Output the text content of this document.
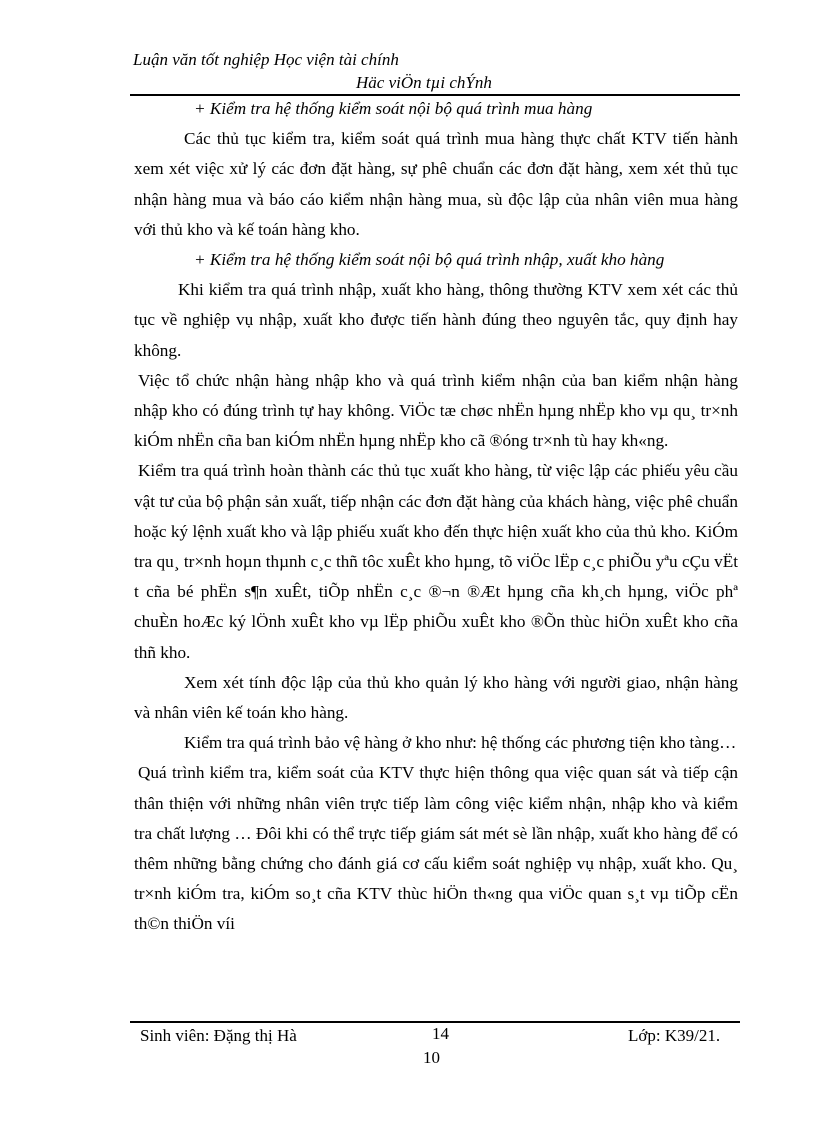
Luận văn tốt nghiệp Học viện tài chính
Häc viÖn tµi chÝnh

+ Kiểm tra hệ thống kiểm soát nội bộ quá trình mua hàng

Các thủ tục kiểm tra, kiểm soát quá trình mua hàng thực chất KTV tiến hành xem xét việc xử lý các đơn đặt hàng, sự phê chuẩn các đơn đặt hàng, xem xét thủ tục nhận hàng mua và báo cáo kiểm nhận hàng mua, sù độc lập của nhân viên mua hàng với thủ kho và kế toán hàng kho.

+ Kiểm tra hệ thống kiểm soát nội bộ quá trình nhập, xuất kho hàng

Khi kiểm tra quá trình nhập, xuất kho hàng, thông thường KTV xem xét các thủ tục về nghiệp vụ nhập, xuất kho được tiến hành đúng theo nguyên tắc, quy định hay không.

Việc tổ chức nhận hàng nhập kho và quá trình kiểm nhận của ban kiểm nhận hàng nhập kho có đúng trình tự hay không. ViÖc tæ chøc nhËn hµng nhËp kho vµ qu¸ tr×nh kiÓm nhËn cña ban kiÓm nhËn hµng nhËp kho cã ®óng tr×nh tù hay kh«ng.

Kiểm tra quá trình hoàn thành các thủ tục xuất kho hàng, từ việc lập các phiếu yêu cầu vật tư của bộ phận sản xuất, tiếp nhận các đơn đặt hàng của khách hàng, việc phê chuẩn hoặc ký lệnh xuất kho và lập phiếu xuất kho đến thực hiện xuất kho của thủ kho. KiÓm tra qu¸ tr×nh hoµn thµnh c¸c thñ tôc xuÊt kho hµng, tõ viÖc lËp c¸c phiÕu yªu cÇu vËt t cña bé phËn s¶n xuÊt, tiÕp nhËn c¸c ®¬n ®Æt hµng cña kh¸ch hµng, viÖc phª chuÈn hoÆc ký lÖnh xuÊt kho vµ lËp phiÕu xuÊt kho ®Õn thùc hiÖn xuÊt kho cña thñ kho.

Xem xét tính độc lập của thủ kho quản lý kho hàng với người giao, nhận hàng và nhân viên kế toán kho hàng.

Kiểm tra quá trình bảo vệ hàng ở kho như: hệ thống các phương tiện kho tàng…

Quá trình kiểm tra, kiểm soát của KTV thực hiện thông qua việc quan sát và tiếp cận thân thiện với những nhân viên trực tiếp làm công việc kiểm nhận, nhập kho và kiểm tra chất lượng … Đôi khi có thể trực tiếp giám sát mét sè lần nhập, xuất kho hàng để có thêm những bằng chứng cho đánh giá cơ cấu kiểm soát nghiệp vụ nhập, xuất kho. Qu¸ tr×nh kiÓm tra, kiÓm so¸t cña KTV thùc hiÖn th«ng qua viÖc quan s¸t vµ tiÕp cËn th©n thiÖn víi

Sinh viên: Đặng thị Hà	14	Lớp: K39/21.
10
